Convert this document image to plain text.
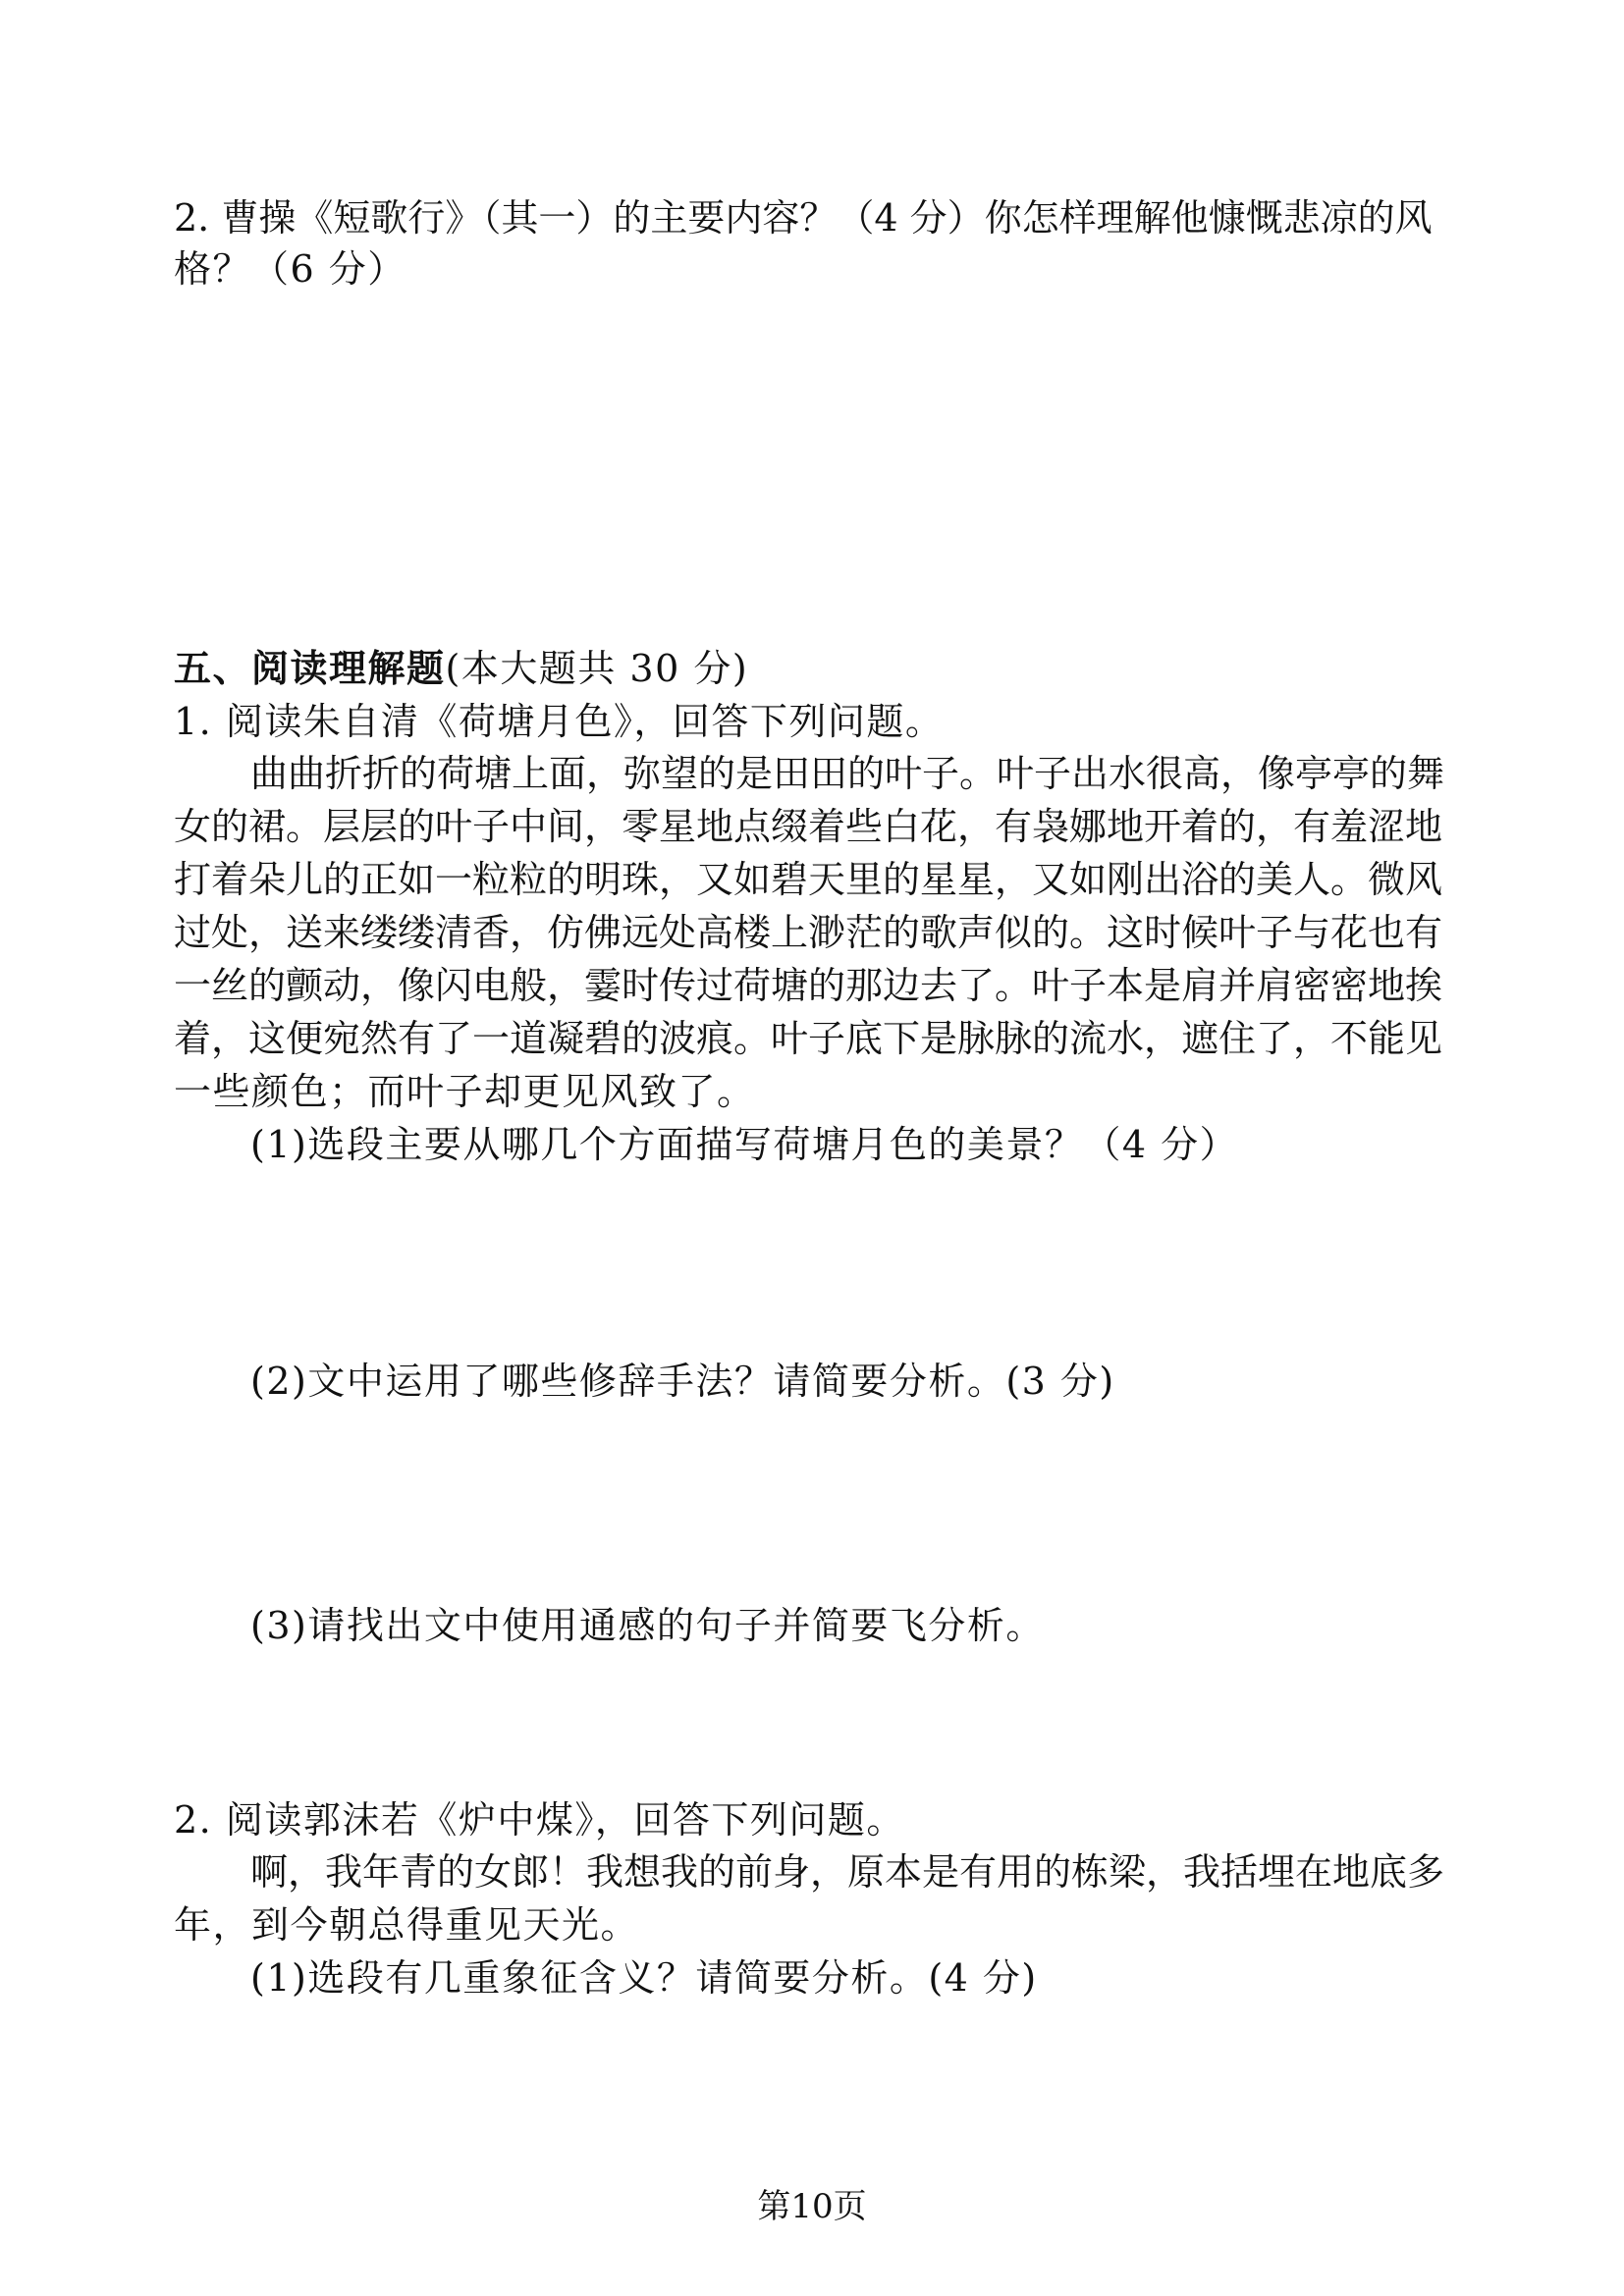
2. 曹操《短歌行》（其一）的主要内容？（4 分）你怎样理解他慷慨悲凉的风
格？（6 分）
五、阅读理解题(本大题共 30 分)
1. 阅读朱自清《荷塘月色》，回答下列问题。
曲曲折折的荷塘上面，弥望的是田田的叶子。叶子出水很高，像亭亭的舞
女的裙。层层的叶子中间，零星地点缀着些白花，有袅娜地开着的，有羞涩地
打着朵儿的正如一粒粒的明珠，又如碧天里的星星，又如刚出浴的美人。微风
过处，送来缕缕清香，仿佛远处高楼上渺茫的歌声似的。这时候叶子与花也有
一丝的颤动，像闪电般，霎时传过荷塘的那边去了。叶子本是肩并肩密密地挨
着，这便宛然有了一道凝碧的波痕。叶子底下是脉脉的流水，遮住了，不能见
一些颜色；而叶子却更见风致了。
(1)选段主要从哪几个方面描写荷塘月色的美景？（4 分）
(2)文中运用了哪些修辞手法？请简要分析。(3 分)
(3)请找出文中使用通感的句子并简要飞分析。
2. 阅读郭沫若《炉中煤》，回答下列问题。
啊，我年青的女郎！我想我的前身，原本是有用的栋梁，我括埋在地底多
年，到今朝总得重见天光。
(1)选段有几重象征含义？请简要分析。(4 分)
第10页
